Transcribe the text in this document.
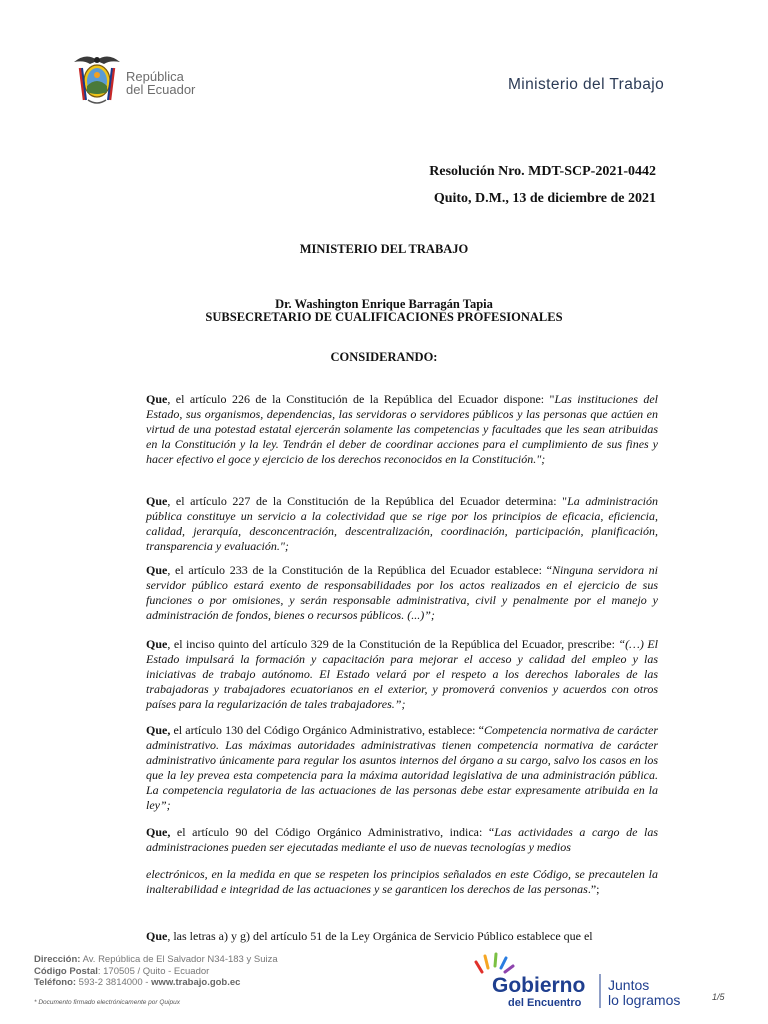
República
del Ecuador	Ministerio del Trabajo
Resolución Nro. MDT-SCP-2021-0442
Quito, D.M., 13 de diciembre de 2021
MINISTERIO DEL TRABAJO
Dr. Washington Enrique Barragán Tapia
SUBSECRETARIO DE CUALIFICACIONES PROFESIONALES
CONSIDERANDO:
Que, el artículo 226 de la Constitución de la República del Ecuador dispone: "Las instituciones del Estado, sus organismos, dependencias, las servidoras o servidores públicos y las personas que actúen en virtud de una potestad estatal ejercerán solamente las competencias y facultades que les sean atribuidas en la Constitución y la ley. Tendrán el deber de coordinar acciones para el cumplimiento de sus fines y hacer efectivo el goce y ejercicio de los derechos reconocidos en la Constitución.";
Que, el artículo 227 de la Constitución de la República del Ecuador determina: "La administración pública constituye un servicio a la colectividad que se rige por los principios de eficacia, eficiencia, calidad, jerarquía, desconcentración, descentralización, coordinación, participación, planificación, transparencia y evaluación.";
Que, el artículo 233 de la Constitución de la República del Ecuador establece: “Ninguna servidora ni servidor público estará exento de responsabilidades por los actos realizados en el ejercicio de sus funciones o por omisiones, y serán responsable administrativa, civil y penalmente por el manejo y administración de fondos, bienes o recursos públicos. (...)”;
Que, el inciso quinto del artículo 329 de la Constitución de la República del Ecuador, prescribe: “(…) El Estado impulsará la formación y capacitación para mejorar el acceso y calidad del empleo y las iniciativas de trabajo autónomo. El Estado velará por el respeto a los derechos laborales de las trabajadoras y trabajadores ecuatorianos en el exterior, y promoverá convenios y acuerdos con otros países para la regularización de tales trabajadores.”;
Que, el artículo 130 del Código Orgánico Administrativo, establece: “Competencia normativa de carácter administrativo. Las máximas autoridades administrativas tienen competencia normativa de carácter administrativo únicamente para regular los asuntos internos del órgano a su cargo, salvo los casos en los que la ley prevea esta competencia para la máxima autoridad legislativa de una administración pública. La competencia regulatoria de las actuaciones de las personas debe estar expresamente atribuida en la ley”;
Que, el artículo 90 del Código Orgánico Administrativo, indica: “Las actividades a cargo de las administraciones pueden ser ejecutadas mediante el uso de nuevas tecnologías y medios
electrónicos, en la medida en que se respeten los principios señalados en este Código, se precautelen la inalterabilidad e integridad de las actuaciones y se garanticen los derechos de las personas.”;
Que, las letras a) y g) del artículo 51 de la Ley Orgánica de Servicio Público establece que el
Dirección: Av. República de El Salvador N34-183 y Suiza
Código Postal: 170505 / Quito - Ecuador
Teléfono: 593-2 3814000 - www.trabajo.gob.ec
* Documento firmado electrónicamente por Quipux
Gobierno
del Encuentro
Juntos
lo logramos	1/5
